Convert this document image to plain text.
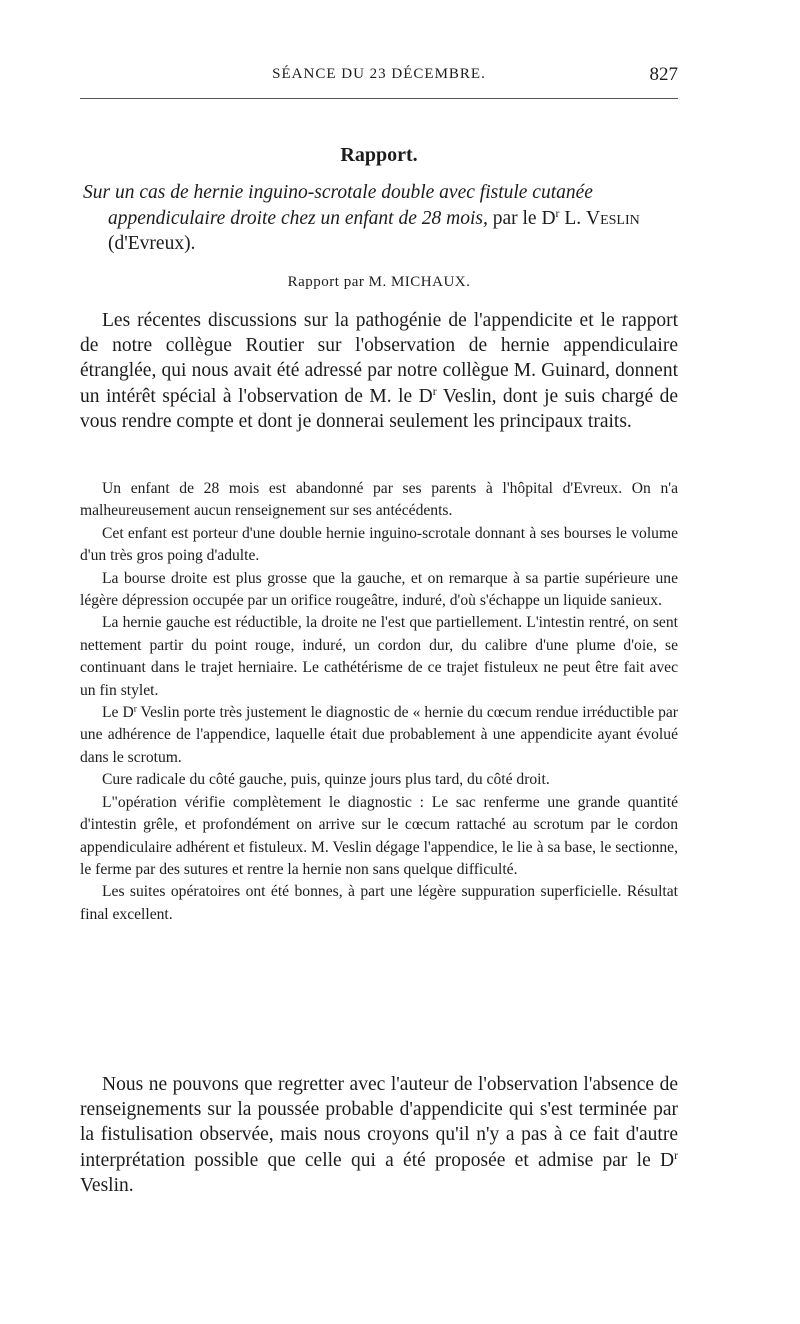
SÉANCE DU 23 DÉCEMBRE.	827
Rapport.
Sur un cas de hernie inguino-scrotale double avec fistule cutanée appendiculaire droite chez un enfant de 28 mois, par le $D^r$ L. Veslin (d'Evreux).
Rapport par M. MICHAUX.

Les récentes discussions sur la pathogénie de l'appendicite et le rapport de notre collègue Routier sur l'observation de hernie appendiculaire étranglée, qui nous avait été adressé par notre collègue M. Guinard, donnent un intérêt spécial à l'observation de M. le $D^r$ Veslin, dont je suis chargé de vous rendre compte et dont je donnerai seulement les principaux traits.

Un enfant de 28 mois est abandonné par ses parents à l'hôpital d'Evreux. On n'a malheureusement aucun renseignement sur ses antécédents.

Cet enfant est porteur d'une double hernie inguino-scrotale donnant à ses bourses le volume d'un très gros poing d'adulte.

La bourse droite est plus grosse que la gauche, et on remarque à sa partie supérieure une légère dépression occupée par un orifice rougeâtre, induré, d'où s'échappe un liquide sanieux.

La hernie gauche est réductible, la droite ne l'est que partiellement. L'intestin rentré, on sent nettement partir du point rouge, induré, un cordon dur, du calibre d'une plume d'oie, se continuant dans le trajet herniaire. Le cathétérisme de ce trajet fistuleux ne peut être fait avec un fin stylet.

Le $D^r$ Veslin porte très justement le diagnostic de « hernie du cœcum rendue irréductible par une adhérence de l'appendice, laquelle était due probablement à une appendicite ayant évolué dans le scrotum.

Cure radicale du côté gauche, puis, quinze jours plus tard, du côté droit.

L"opération vérifie complètement le diagnostic : Le sac renferme une grande quantité d'intestin grêle, et profondément on arrive sur le cœcum rattaché au scrotum par le cordon appendiculaire adhérent et fistuleux. M. Veslin dégage l'appendice, le lie à sa base, le sectionne, le ferme par des sutures et rentre la hernie non sans quelque difficulté.

Les suites opératoires ont été bonnes, à part une légère suppuration superficielle. Résultat final excellent.

Nous ne pouvons que regretter avec l'auteur de l'observation l'absence de renseignements sur la poussée probable d'appendicite qui s'est terminée par la fistulisation observée, mais nous croyons qu'il n'y a pas à ce fait d'autre interprétation possible que celle qui a été proposée et admise par le $D^r$ Veslin.
